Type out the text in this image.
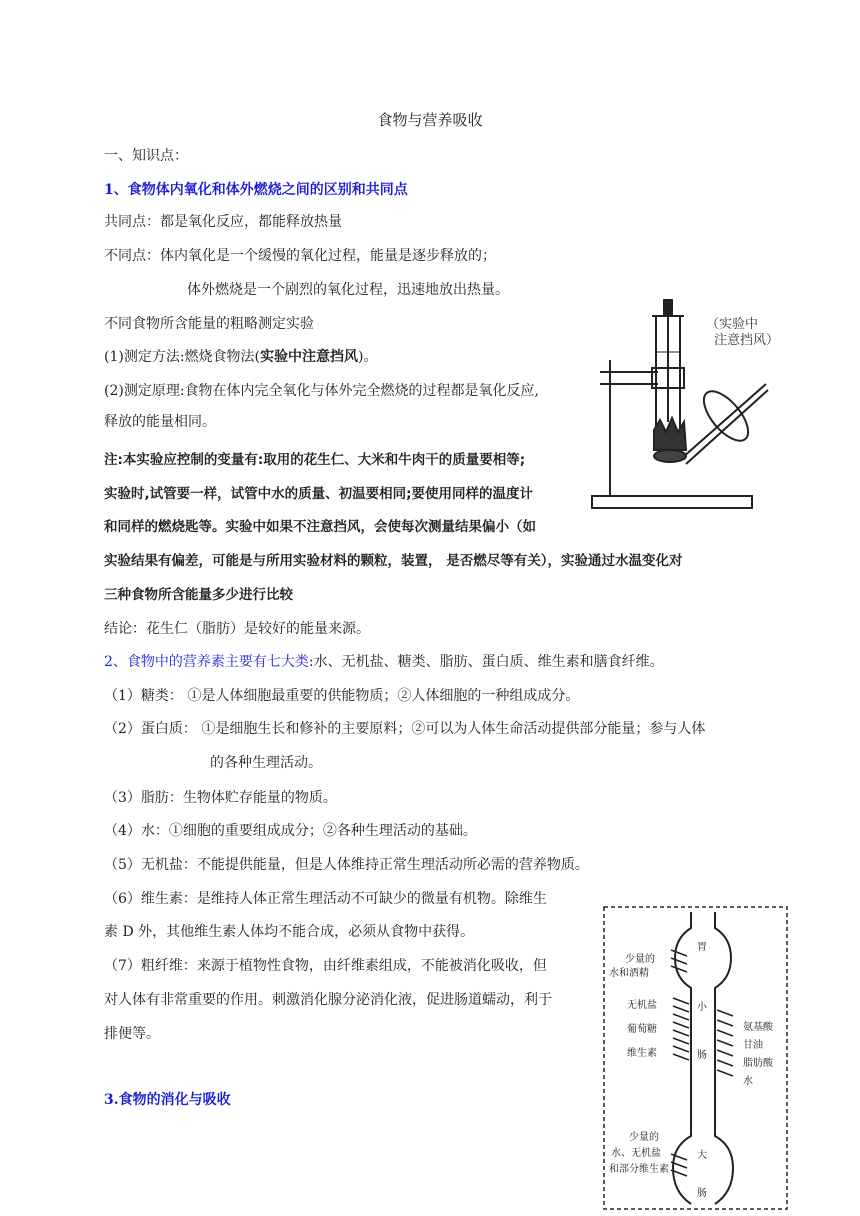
食物与营养吸收
一、知识点：
1、食物体内氧化和体外燃烧之间的区别和共同点
共同点：都是氧化反应，都能释放热量
不同点：体内氧化是一个缓慢的氧化过程，能量是逐步释放的；
体外燃烧是一个剧烈的氧化过程，迅速地放出热量。
不同食物所含能量的粗略测定实验
(1)测定方法:燃烧食物法(实验中注意挡风)。
(2)测定原理:食物在体内完全氧化与体外完全燃烧的过程都是氧化反应,
释放的能量相同。
注:本实验应控制的变量有:取用的花生仁、大米和牛肉干的质量要相等;
实验时,试管要一样，试管中水的质量、初温要相同;要使用同样的温度计
和同样的燃烧匙等。实验中如果不注意挡风，会使每次测量结果偏小（如
实验结果有偏差，可能是与所用实验材料的颗粒，装置， 是否燃尽等有关），实验通过水温变化对
三种食物所含能量多少进行比较
结论：花生仁（脂肪）是较好的能量来源。
2、食物中的营养素主要有七大类:水、无机盐、糖类、脂肪、蛋白质、维生素和膳食纤维。
（1）糖类： ①是人体细胞最重要的供能物质；②人体细胞的一种组成成分。
（2）蛋白质： ①是细胞生长和修补的主要原料；②可以为人体生命活动提供部分能量；参与人体
的各种生理活动。
（3）脂肪：生物体贮存能量的物质。
（4）水：①细胞的重要组成成分；②各种生理活动的基础。
（5）无机盐：不能提供能量，但是人体维持正常生理活动所必需的营养物质。
（6）维生素：是维持人体正常生理活动不可缺少的微量有机物。除维生
素 D 外，其他维生素人体均不能合成，必须从食物中获得。
（7）粗纤维：来源于植物性食物，由纤维素组成，不能被消化吸收，但
对人体有非常重要的作用。刺激消化腺分泌消化液，促进肠道蠕动，利于
排便等。
3.食物的消化与吸收
（实验中
注意挡风）
胃
小
肠
大
肠
少量的
水和酒精
无机盐
葡萄糖
维生素
氨基酸
甘油
脂肪酸
水
少量的
水、无机盐
和部分维生素
